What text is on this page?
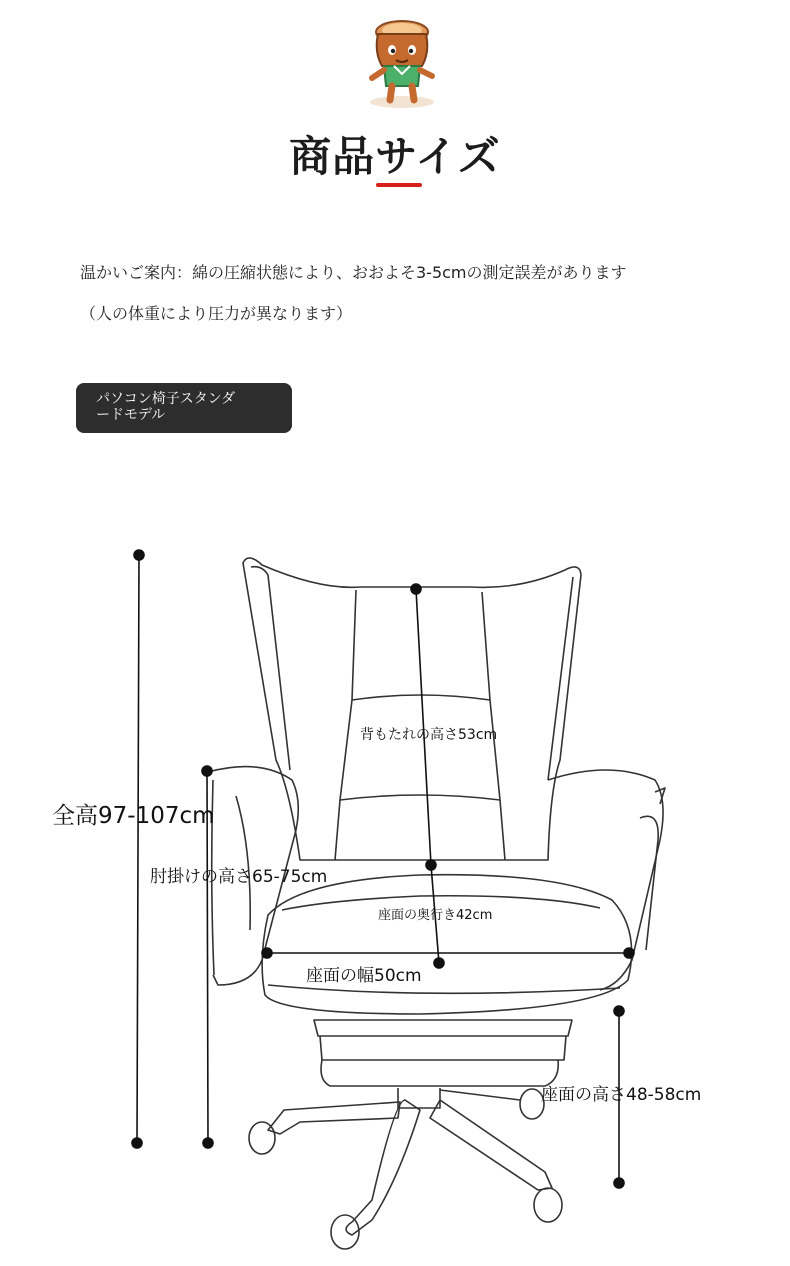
商品サイズ
温かいご案内：綿の圧縮状態により、おおよそ3-5cmの測定誤差があります
（人の体重により圧力が異なります）
パソコン椅子スタンダ
ードモデル
全高97-107cm
肘掛けの高さ65-75cm
背もたれの高さ53cm
座面の奥行き42cm
座面の幅50cm
座面の高さ48-58cm
